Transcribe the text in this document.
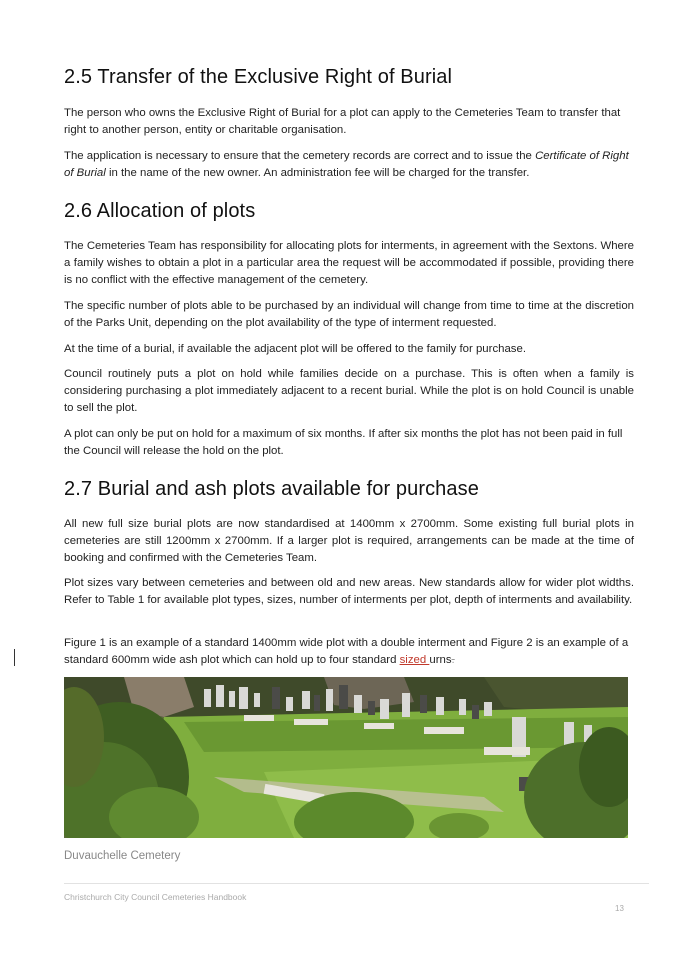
2.5 Transfer of the Exclusive Right of Burial

The person who owns the Exclusive Right of Burial for a plot can apply to the Cemeteries Team to transfer that right to another person, entity or charitable organisation.

The application is necessary to ensure that the cemetery records are correct and to issue the Certificate of Right of Burial in the name of the new owner. An administration fee will be charged for the transfer.

2.6 Allocation of plots

The Cemeteries Team has responsibility for allocating plots for interments, in agreement with the Sextons. Where a family wishes to obtain a plot in a particular area the request will be accommodated if possible, providing there is no conflict with the effective management of the cemetery.

The specific number of plots able to be purchased by an individual will change from time to time at the discretion of the Parks Unit, depending on the plot availability of the type of interment requested.

At the time of a burial, if available the adjacent plot will be offered to the family for purchase.

Council routinely puts a plot on hold while families decide on a purchase. This is often when a family is considering purchasing a plot immediately adjacent to a recent burial. While the plot is on hold Council is unable to sell the plot.

A plot can only be put on hold for a maximum of six months. If after six months the plot has not been paid in full the Council will release the hold on the plot.

2.7 Burial and ash plots available for purchase

All new full size burial plots are now standardised at 1400mm x 2700mm. Some existing full burial plots in cemeteries are still 1200mm x 2700mm. If a larger plot is required, arrangements can be made at the time of booking and confirmed with the Cemeteries Team.

Plot sizes vary between cemeteries and between old and new areas. New standards allow for wider plot widths. Refer to Table 1 for available plot types, sizes, number of interments per plot, depth of interments and availability.

Figure 1 is an example of a standard 1400mm wide plot with a double interment and Figure 2 is an example of a standard 600mm wide ash plot which can hold up to four standard sized urns.

Duvauchelle Cemetery
Christchurch City Council Cemeteries Handbook
13
